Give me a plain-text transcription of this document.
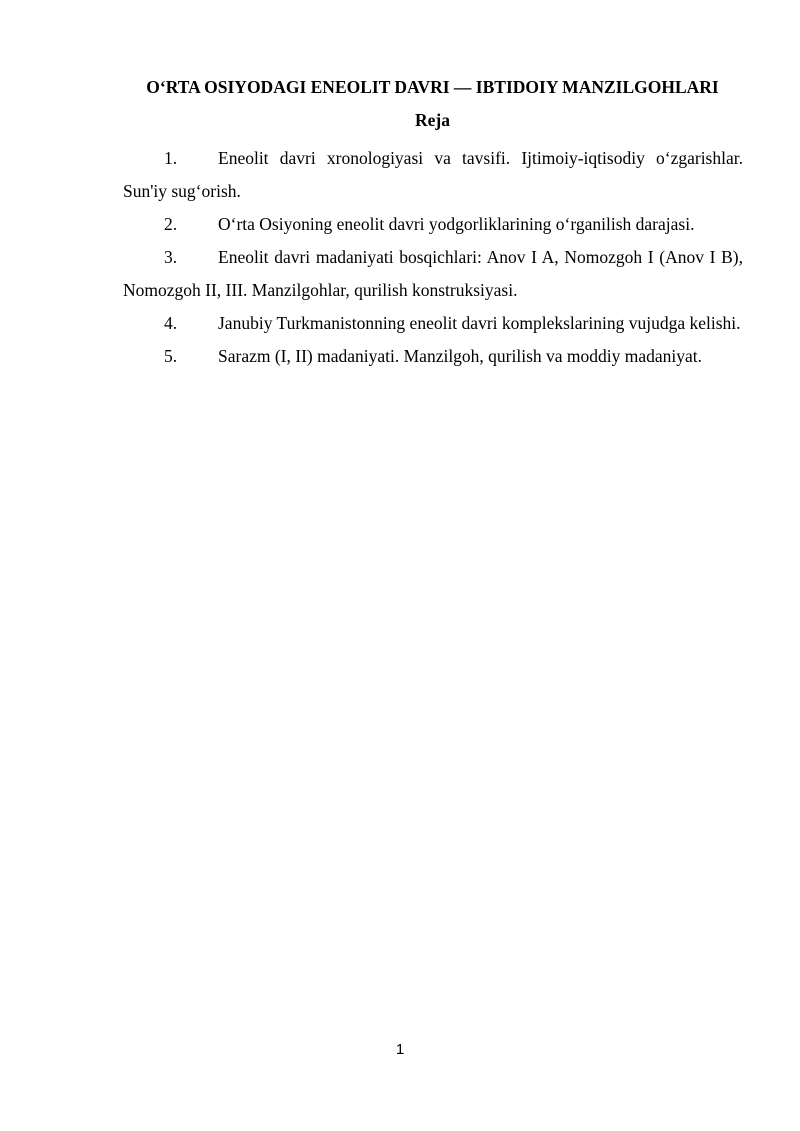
O‘RTA OSIYODAGI ENEOLIT DAVRI — IBTIDOIY MANZILGOHLARI
Reja
1. Eneolit davri xronologiyasi va tavsifi. Ijtimoiy-iqtisodiy o‘zgarishlar. Sun'iy sug‘orish.
2. O‘rta Osiyoning eneolit davri yodgorliklarining o‘rganilish darajasi.
3. Eneolit davri madaniyati bosqichlari: Anov I A, Nomozgoh I (Anov I B), Nomozgoh II, III. Manzilgohlar, qurilish konstruksiyasi.
4. Janubiy Turkmanistonning eneolit davri komplekslarining vujudga kelishi.
5. Sarazm (I, II) madaniyati. Manzilgoh, qurilish va moddiy madaniyat.
1
